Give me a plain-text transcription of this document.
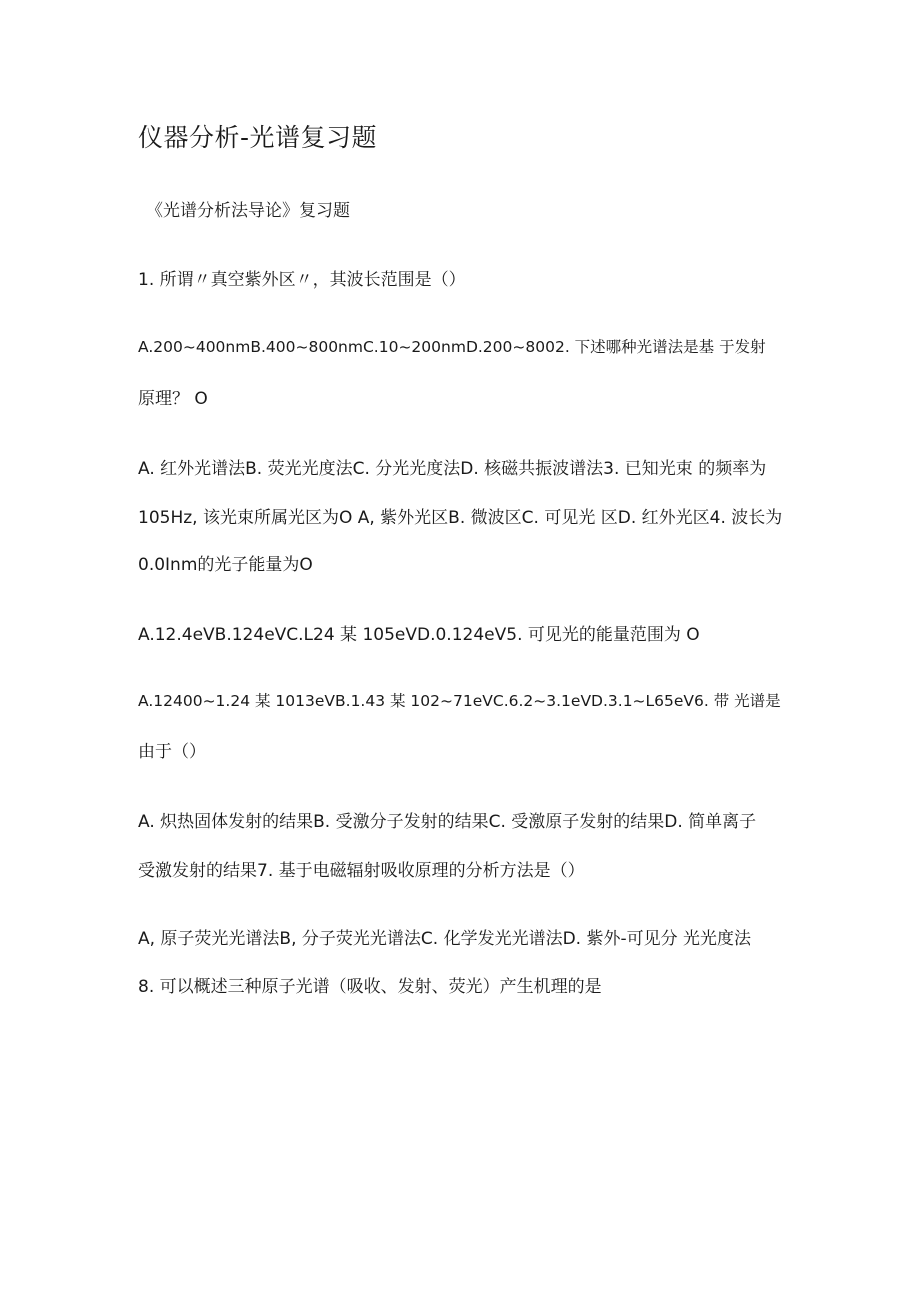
仪器分析-光谱复习题

《光谱分析法导论》复习题

1. 所谓〃真空紫外区〃，其波长范围是（）

A.200~400nmB.400~800nmC.10~200nmD.200~8002. 下述哪种光谱法是基 于发射

原理？ O

A. 红外光谱法B. 荧光光度法C. 分光光度法D. 核磁共振波谱法3. 已知光束 的频率为

105Hz, 该光束所属光区为O A, 紫外光区B. 微波区C. 可见光 区D. 红外光区4. 波长为

0.0Inm的光子能量为O

A.12.4eVB.124eVC.L24 某 105eVD.0.124eV5. 可见光的能量范围为 O

A.12400~1.24 某 1013eVB.1.43 某 102~71eVC.6.2~3.1eVD.3.1~L65eV6. 带 光谱是

由于（）

A. 炽热固体发射的结果B. 受激分子发射的结果C. 受激原子发射的结果D. 简单离子

受激发射的结果7. 基于电磁辐射吸收原理的分析方法是（）

A, 原子荧光光谱法B, 分子荧光光谱法C. 化学发光光谱法D. 紫外-可见分 光光度法

8. 可以概述三种原子光谱（吸收、发射、荧光）产生机理的是
